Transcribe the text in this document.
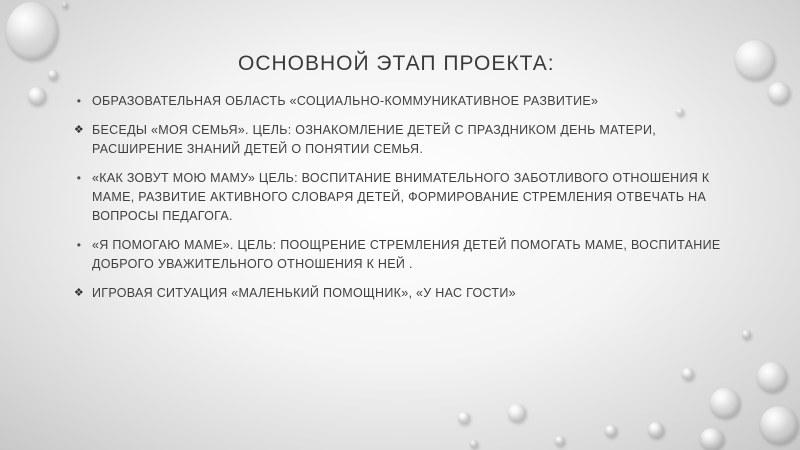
ОСНОВНОЙ ЭТАП ПРОЕКТА:
• ОБРАЗОВАТЕЛЬНАЯ ОБЛАСТЬ «СОЦИАЛЬНО-КОММУНИКАТИВНОЕ РАЗВИТИЕ»
❖ БЕСЕДЫ «МОЯ СЕМЬЯ». ЦЕЛЬ: ОЗНАКОМЛЕНИЕ ДЕТЕЙ С ПРАЗДНИКОМ ДЕНЬ МАТЕРИ, РАСШИРЕНИЕ ЗНАНИЙ ДЕТЕЙ О ПОНЯТИИ СЕМЬЯ.
• «КАК ЗОВУТ МОЮ МАМУ» ЦЕЛЬ: ВОСПИТАНИЕ ВНИМАТЕЛЬНОГО ЗАБОТЛИВОГО ОТНОШЕНИЯ К МАМЕ, РАЗВИТИЕ АКТИВНОГО СЛОВАРЯ ДЕТЕЙ, ФОРМИРОВАНИЕ СТРЕМЛЕНИЯ ОТВЕЧАТЬ НА ВОПРОСЫ ПЕДАГОГА.
• «Я ПОМОГАЮ МАМЕ». ЦЕЛЬ: ПООЩРЕНИЕ СТРЕМЛЕНИЯ ДЕТЕЙ ПОМОГАТЬ МАМЕ, ВОСПИТАНИЕ ДОБРОГО УВАЖИТЕЛЬНОГО ОТНОШЕНИЯ К НЕЙ .
❖ ИГРОВАЯ СИТУАЦИЯ «МАЛЕНЬКИЙ ПОМОЩНИК», «У НАС ГОСТИ»
